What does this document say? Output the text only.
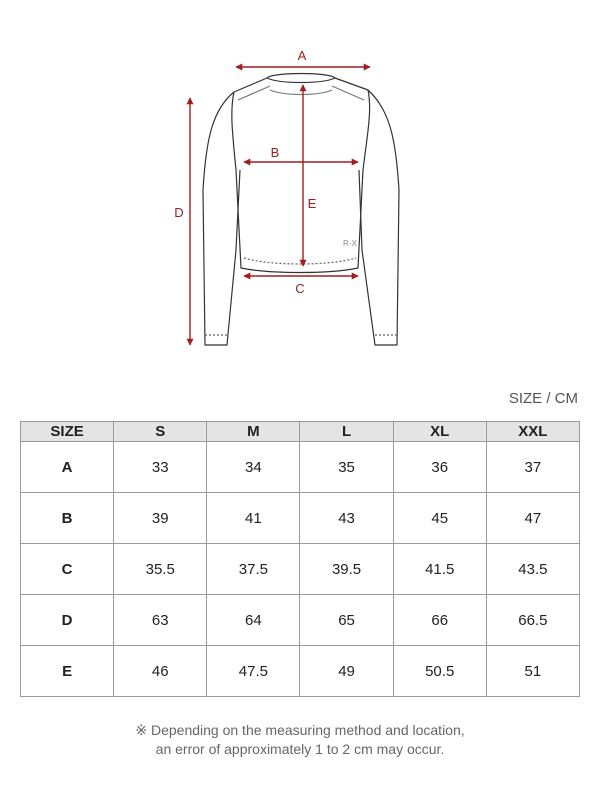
R-X
A
B
C
D
E
SIZE / CM
SIZE	S	M	L	XL	XXL
A	33	34	35	36	37
B	39	41	43	45	47
C	35.5	37.5	39.5	41.5	43.5
D	63	64	65	66	66.5
E	46	47.5	49	50.5	51
※ Depending on the measuring method and location,
an error of approximately 1 to 2 cm may occur.
